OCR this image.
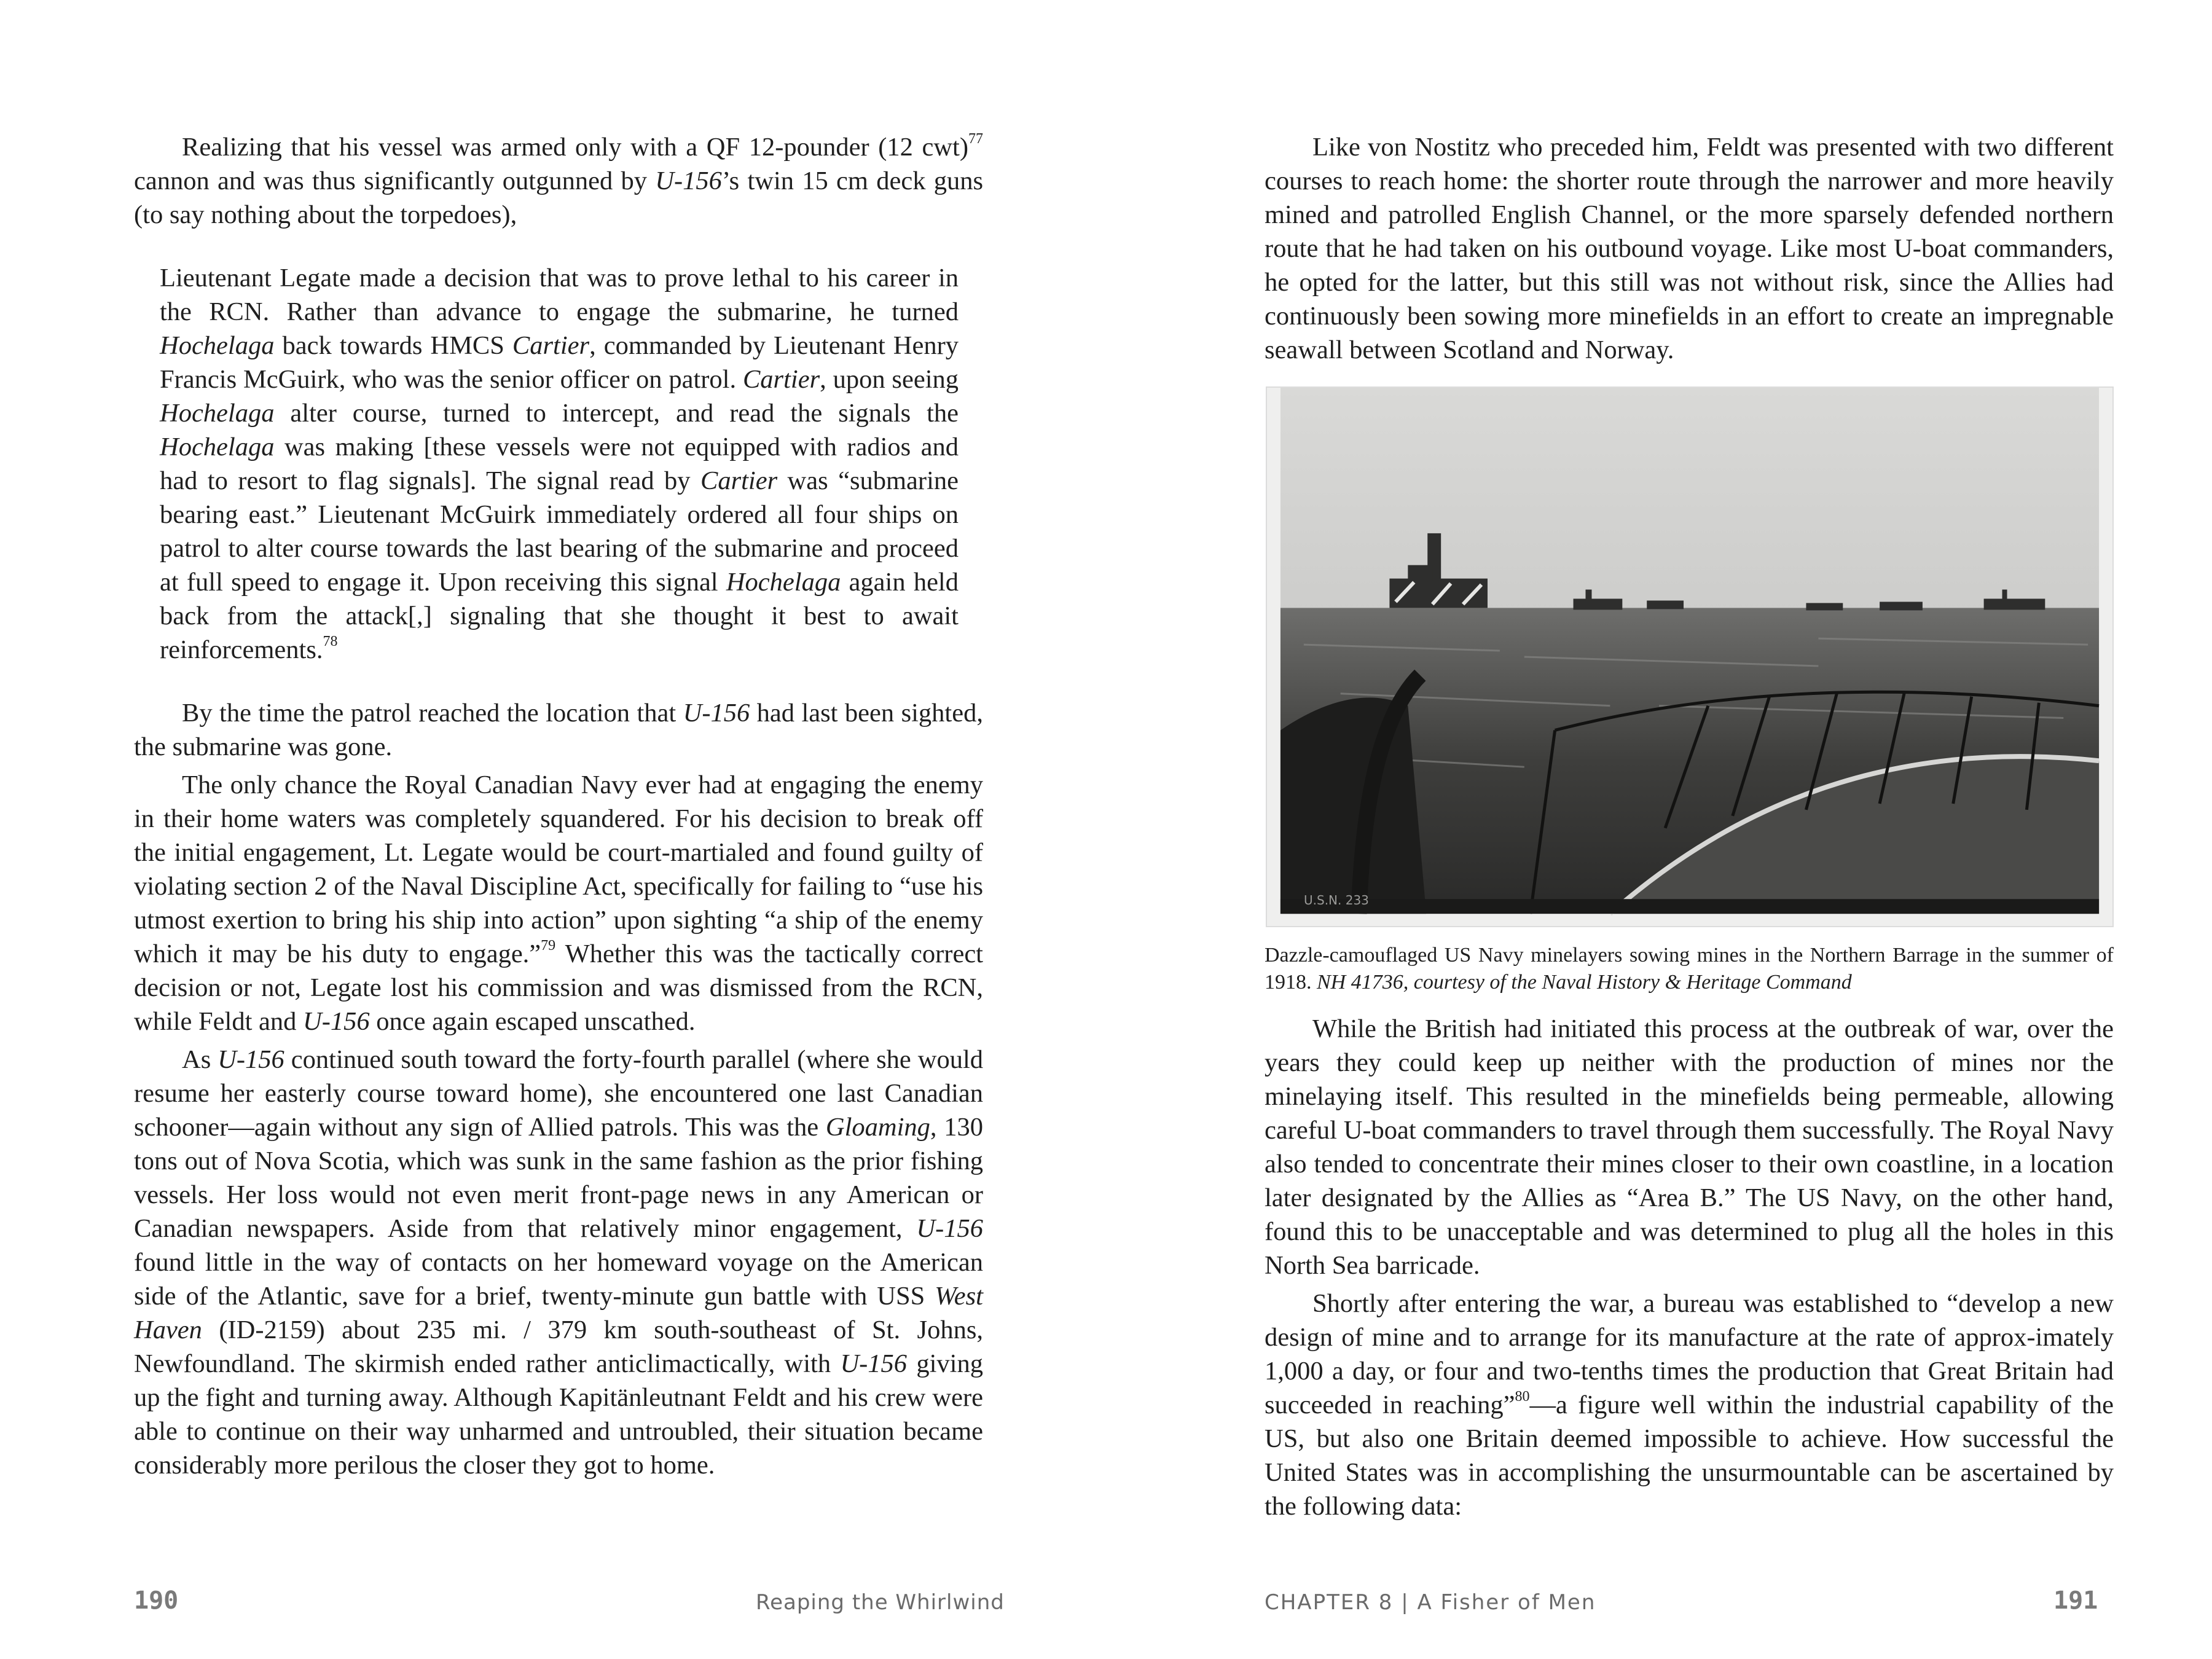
Realizing that his vessel was armed only with a QF 12-pounder (12 cwt)$^{77}$ cannon and was thus significantly outgunned by U-156’s twin 15 cm deck guns (to say nothing about the torpedoes),

Lieutenant Legate made a decision that was to prove lethal to his career in the RCN. Rather than advance to engage the submarine, he turned Hochelaga back towards HMCS Cartier, commanded by Lieutenant Henry Francis McGuirk, who was the senior officer on patrol. Cartier, upon seeing Hochelaga alter course, turned to intercept, and read the signals the Hochelaga was making [these vessels were not equipped with radios and had to resort to flag signals]. The signal read by Cartier was “submarine bearing east.” Lieutenant McGuirk immediately ordered all four ships on patrol to alter course towards the last bearing of the submarine and proceed at full speed to engage it. Upon receiving this signal Hochelaga again held back from the attack[,] signaling that she thought it best to await reinforcements.$^{78}$

By the time the patrol reached the location that U-156 had last been sighted, the submarine was gone.

The only chance the Royal Canadian Navy ever had at engaging the enemy in their home waters was completely squandered. For his decision to break off the initial engagement, Lt. Legate would be court-martialed and found guilty of violating section 2 of the Naval Discipline Act, specifically for failing to “use his utmost exertion to bring his ship into action” upon sighting “a ship of the enemy which it may be his duty to engage.”$^{79}$ Whether this was the tactically correct decision or not, Legate lost his commission and was dismissed from the RCN, while Feldt and U-156 once again escaped unscathed.

As U-156 continued south toward the forty-fourth parallel (where she would resume her easterly course toward home), she encountered one last Canadian schooner—again without any sign of Allied patrols. This was the Gloaming, 130 tons out of Nova Scotia, which was sunk in the same fashion as the prior fishing vessels. Her loss would not even merit front-page news in any American or Canadian newspapers. Aside from that relatively minor engagement, U-156 found little in the way of contacts on her homeward voyage on the American side of the Atlantic, save for a brief, twenty-minute gun battle with USS West Haven (ID-2159) about 235 mi. / 379 km south-southeast of St. Johns, Newfoundland. The skirmish ended rather anticlimactically, with U-156 giving up the fight and turning away. Although Kapitänleutnant Feldt and his crew were able to continue on their way unharmed and untroubled, their situation became considerably more perilous the closer they got to home.

190	Reaping the Whirlwind

Like von Nostitz who preceded him, Feldt was presented with two different courses to reach home: the shorter route through the narrower and more heavily mined and patrolled English Channel, or the more sparsely defended northern route that he had taken on his outbound voyage. Like most U-boat commanders, he opted for the latter, but this still was not without risk, since the Allies had continuously been sowing more minefields in an effort to create an impregnable seawall between Scotland and Norway.

U.S.N. 233

Dazzle-camouflaged US Navy minelayers sowing mines in the Northern Barrage in the summer of 1918. NH 41736, courtesy of the Naval History & Heritage Command

While the British had initiated this process at the outbreak of war, over the years they could keep up neither with the production of mines nor the minelaying itself. This resulted in the minefields being permeable, allowing careful U-boat commanders to travel through them successfully. The Royal Navy also tended to concentrate their mines closer to their own coastline, in a location later designated by the Allies as “Area B.” The US Navy, on the other hand, found this to be unacceptable and was determined to plug all the holes in this North Sea barricade.

Shortly after entering the war, a bureau was established to “develop a new design of mine and to arrange for its manufacture at the rate of approx-imately 1,000 a day, or four and two-tenths times the production that Great Britain had succeeded in reaching”$^{80}$—a figure well within the industrial capability of the US, but also one Britain deemed impossible to achieve. How successful the United States was in accomplishing the unsurmountable can be ascertained by the following data:

CHAPTER 8 | A Fisher of Men	191
